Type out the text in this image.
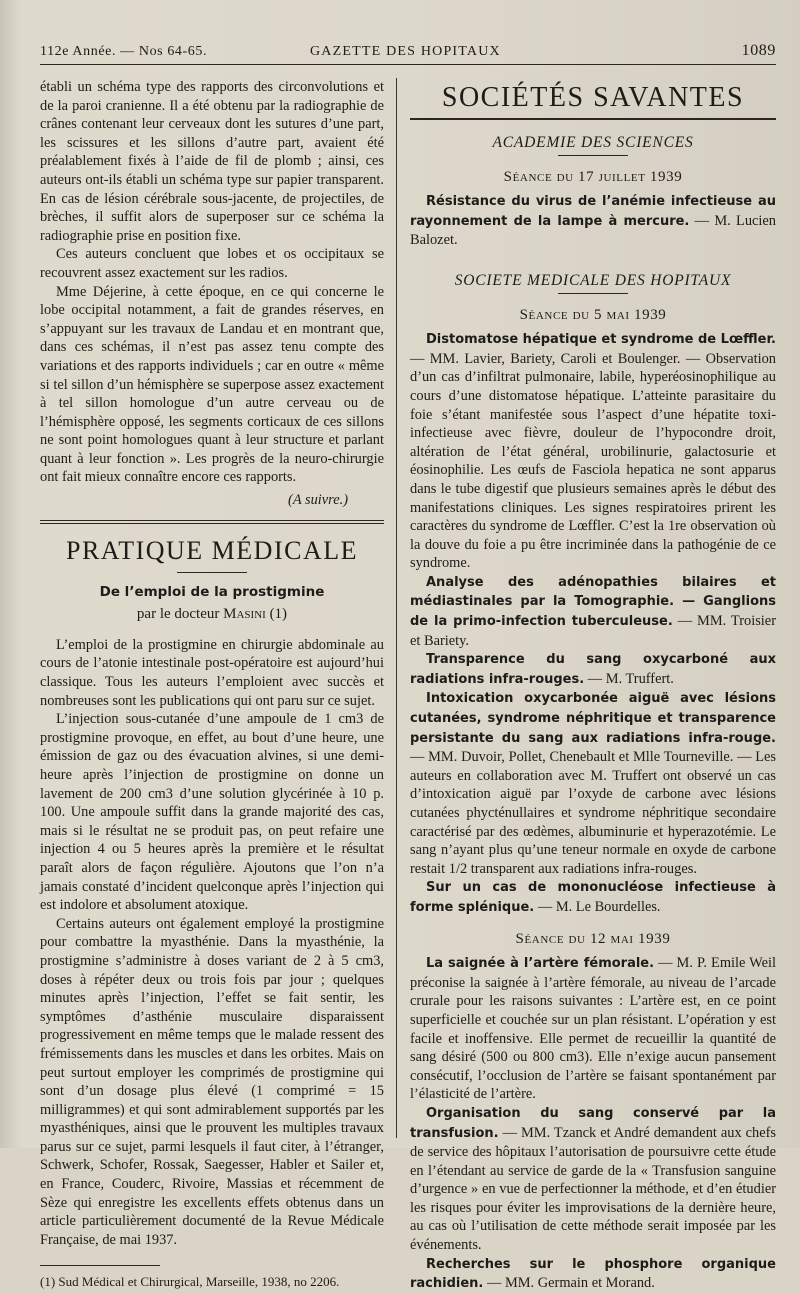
112e Année. — Nos 64-65.	GAZETTE DES HOPITAUX	1089

établi un schéma type des rapports des circonvolutions et de la paroi cranienne. Il a été obtenu par la radiographie de crânes contenant leur cerveaux dont les sutures d’une part, les scissures et les sillons d’autre part, avaient été préalablement fixés à l’aide de fil de plomb ; ainsi, ces auteurs ont-ils établi un schéma type sur papier transparent. En cas de lésion cérébrale sous-jacente, de projectiles, de brèches, il suffit alors de superposer sur ce schéma la radiographie prise en position fixe.

Ces auteurs concluent que lobes et os occipitaux se recouvrent assez exactement sur les radios.

Mme Déjerine, à cette époque, en ce qui concerne le lobe occipital notamment, a fait de grandes réserves, en s’appuyant sur les travaux de Landau et en montrant que, dans ces schémas, il n’est pas assez tenu compte des variations et des rapports individuels ; car en outre « même si tel sillon d’un hémisphère se superpose assez exactement à tel sillon homologue d’un autre cerveau ou de l’hémisphère opposé, les segments corticaux de ces sillons ne sont point homologues quant à leur structure et parlant quant à leur fonction ». Les progrès de la neuro-chirurgie ont fait mieux connaître encore ces rapports.

(A suivre.)
PRATIQUE MÉDICALE
De l’emploi de la prostigmine
par le docteur Masini (1)

L’emploi de la prostigmine en chirurgie abdominale au cours de l’atonie intestinale post-opératoire est aujourd’hui classique. Tous les auteurs l’emploient avec succès et nombreuses sont les publications qui ont paru sur ce sujet.

L’injection sous-cutanée d’une ampoule de 1 cm3 de prostigmine provoque, en effet, au bout d’une heure, une émission de gaz ou des évacuation alvines, si une demi-heure après l’injection de prostigmine on donne un lavement de 200 cm3 d’une solution glycérinée à 10 p. 100. Une ampoule suffit dans la grande majorité des cas, mais si le résultat ne se produit pas, on peut refaire une injection 4 ou 5 heures après la première et le résultat paraît alors de façon régulière. Ajoutons que l’on n’a jamais constaté d’incident quelconque après l’injection qui est indolore et absolument atoxique.

Certains auteurs ont également employé la prostigmine pour combattre la myasthénie. Dans la myasthénie, la prostigmine s’administre à doses variant de 2 à 5 cm3, doses à répéter deux ou trois fois par jour ; quelques minutes après l’injection, l’effet se fait sentir, les symptômes d’asthénie musculaire disparaissent progressivement en même temps que le malade ressent des frémissements dans les muscles et dans les orbites. Mais on peut surtout employer les comprimés de prostigmine qui sont d’un dosage plus élevé (1 comprimé = 15 milligrammes) et qui sont admirablement supportés par les myasthéniques, ainsi que le prouvent les multiples travaux parus sur ce sujet, parmi lesquels il faut citer, à l’étranger, Schwerk, Schofer, Rossak, Saegesser, Habler et Sailer et, en France, Couderc, Rivoire, Massias et récemment de Sèze qui enregistre les excellents effets obtenus dans un article particulièrement documenté de la Revue Médicale Française, de mai 1937.

(1) Sud Médical et Chirurgical, Marseille, 1938, no 2206.

SOCIÉTÉS SAVANTES
ACADEMIE DES SCIENCES
Séance du 17 juillet 1939

Résistance du virus de l’anémie infectieuse au rayonnement de la lampe à mercure. — M. Lucien Balozet.

SOCIETE MEDICALE DES HOPITAUX
Séance du 5 mai 1939

Distomatose hépatique et syndrome de Lœffler. — MM. Lavier, Bariety, Caroli et Boulenger. — Observation d’un cas d’infiltrat pulmonaire, labile, hyperéosinophilique au cours d’une distomatose hépatique. L’atteinte parasitaire du foie s’étant manifestée sous l’aspect d’une hépatite toxi-infectieuse avec fièvre, douleur de l’hypocondre droit, altération de l’état général, urobilinurie, galactosurie et éosinophilie. Les œufs de Fasciola hepatica ne sont apparus dans le tube digestif que plusieurs semaines après le début des manifestations cliniques. Les signes respiratoires prirent les caractères du syndrome de Lœffler. C’est la 1re observation où la douve du foie a pu être incriminée dans la pathogénie de ce syndrome.

Analyse des adénopathies bilaires et médiastinales par la Tomographie. — Ganglions de la primo-infection tuberculeuse. — MM. Troisier et Bariety.

Transparence du sang oxycarboné aux radiations infra-rouges. — M. Truffert.

Intoxication oxycarbonée aiguë avec lésions cutanées, syndrome néphritique et transparence persistante du sang aux radiations infra-rouge. — MM. Duvoir, Pollet, Chenebault et Mlle Tourneville. — Les auteurs en collaboration avec M. Truffert ont observé un cas d’intoxication aiguë par l’oxyde de carbone avec lésions cutanées phycténullaires et syndrome néphritique secondaire caractérisé par des œdèmes, albuminurie et hyperazotémie. Le sang n’ayant plus qu’une teneur normale en oxyde de carbone restait 1/2 transparent aux radiations infra-rouges.

Sur un cas de mononucléose infectieuse à forme splénique. — M. Le Bourdelles.

Séance du 12 mai 1939

La saignée à l’artère fémorale. — M. P. Emile Weil préconise la saignée à l’artère fémorale, au niveau de l’arcade crurale pour les raisons suivantes : L’artère est, en ce point superficielle et couchée sur un plan résistant. L’opération y est facile et inoffensive. Elle permet de recueillir la quantité de sang désiré (500 ou 800 cm3). Elle n’exige aucun pansement consécutif, l’occlusion de l’artère se faisant spontanément par l’élasticité de l’artère.

Organisation du sang conservé par la transfusion. — MM. Tzanck et André demandent aux chefs de service des hôpitaux l’autorisation de poursuivre cette étude en l’étendant au service de garde de la « Transfusion sanguine d’urgence » en vue de perfectionner la méthode, et d’en étudier les risques pour éviter les improvisations de la dernière heure, au cas où l’utilisation de cette méthode serait imposée par les événements.

Recherches sur le phosphore organique rachidien. — MM. Germain et Morand.
